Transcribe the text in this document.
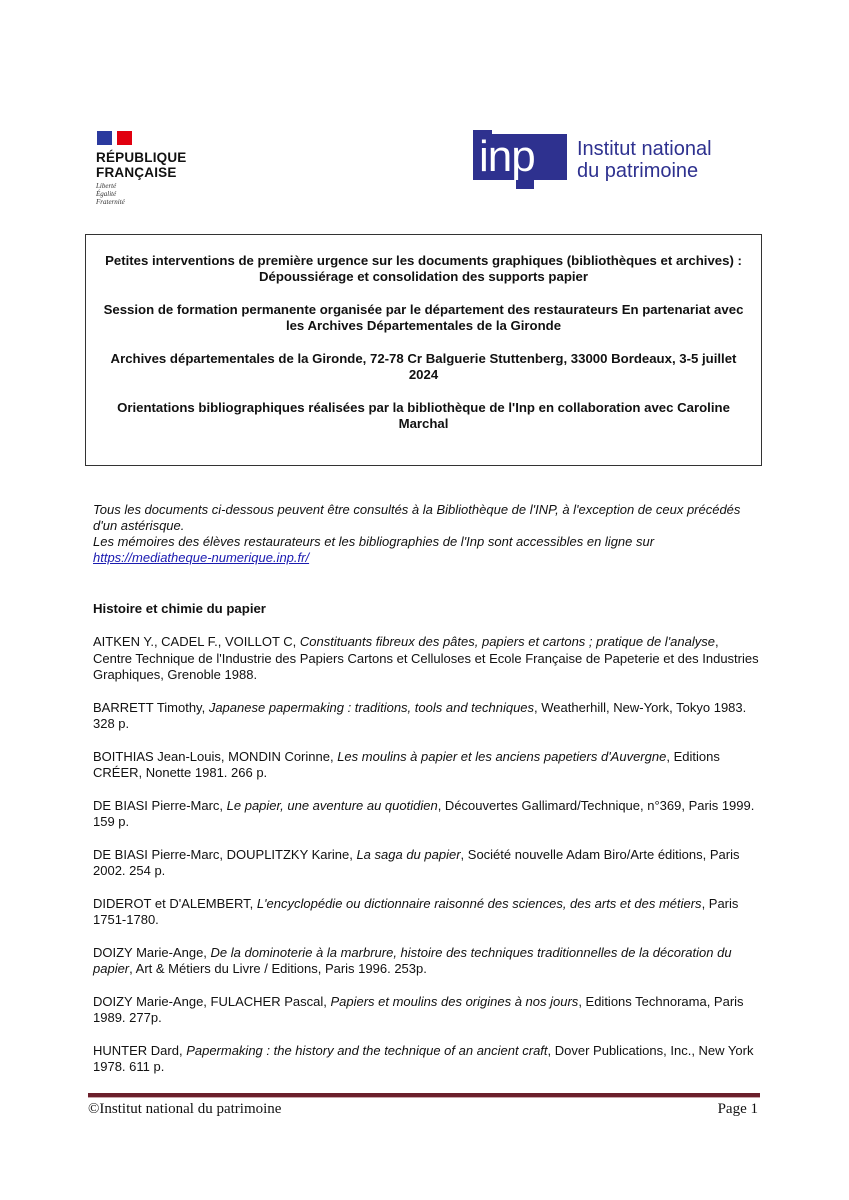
RÉPUBLIQUE
FRANÇAISE
Liberté
Égalité
Fraternité
inp Institut national
du patrimoine

Petites interventions de première urgence sur les documents graphiques (bibliothèques et archives) :
Dépoussiérage et consolidation des supports papier

Session de formation permanente organisée par le département des restaurateurs En partenariat avec les Archives Départementales de la Gironde

Archives départementales de la Gironde, 72-78 Cr Balguerie Stuttenberg, 33000 Bordeaux, 3-5 juillet 2024

Orientations bibliographiques réalisées par la bibliothèque de l'Inp en collaboration avec Caroline Marchal

Tous les documents ci-dessous peuvent être consultés à la Bibliothèque de l'INP, à l'exception de ceux précédés d'un astérisque.

Les mémoires des élèves restaurateurs et les bibliographies de l'Inp sont accessibles en ligne sur

https://mediatheque-numerique.inp.fr/

Histoire et chimie du papier

AITKEN Y., CADEL F., VOILLOT C, Constituants fibreux des pâtes, papiers et cartons ; pratique de l'analyse, Centre Technique de l'Industrie des Papiers Cartons et Celluloses et Ecole Française de Papeterie et des Industries Graphiques, Grenoble 1988.

BARRETT Timothy, Japanese papermaking : traditions, tools and techniques, Weatherhill, New-York, Tokyo 1983. 328 p.

BOITHIAS Jean-Louis, MONDIN Corinne, Les moulins à papier et les anciens papetiers d'Auvergne, Editions CRÉER, Nonette 1981. 266 p.

DE BIASI Pierre-Marc, Le papier, une aventure au quotidien, Découvertes Gallimard/Technique, n°369, Paris 1999. 159 p.

DE BIASI Pierre-Marc, DOUPLITZKY Karine, La saga du papier, Société nouvelle Adam Biro/Arte éditions, Paris 2002. 254 p.

DIDEROT et D'ALEMBERT, L'encyclopédie ou dictionnaire raisonné des sciences, des arts et des métiers, Paris 1751-1780.

DOIZY Marie-Ange, De la dominoterie à la marbrure, histoire des techniques traditionnelles de la décoration du papier, Art & Métiers du Livre / Editions, Paris 1996. 253p.

DOIZY Marie-Ange, FULACHER Pascal, Papiers et moulins des origines à nos jours, Editions Technorama, Paris 1989. 277p.

HUNTER Dard, Papermaking : the history and the technique of an ancient craft, Dover Publications, Inc., New York 1978. 611 p.

©Institut national du patrimoine	Page 1
